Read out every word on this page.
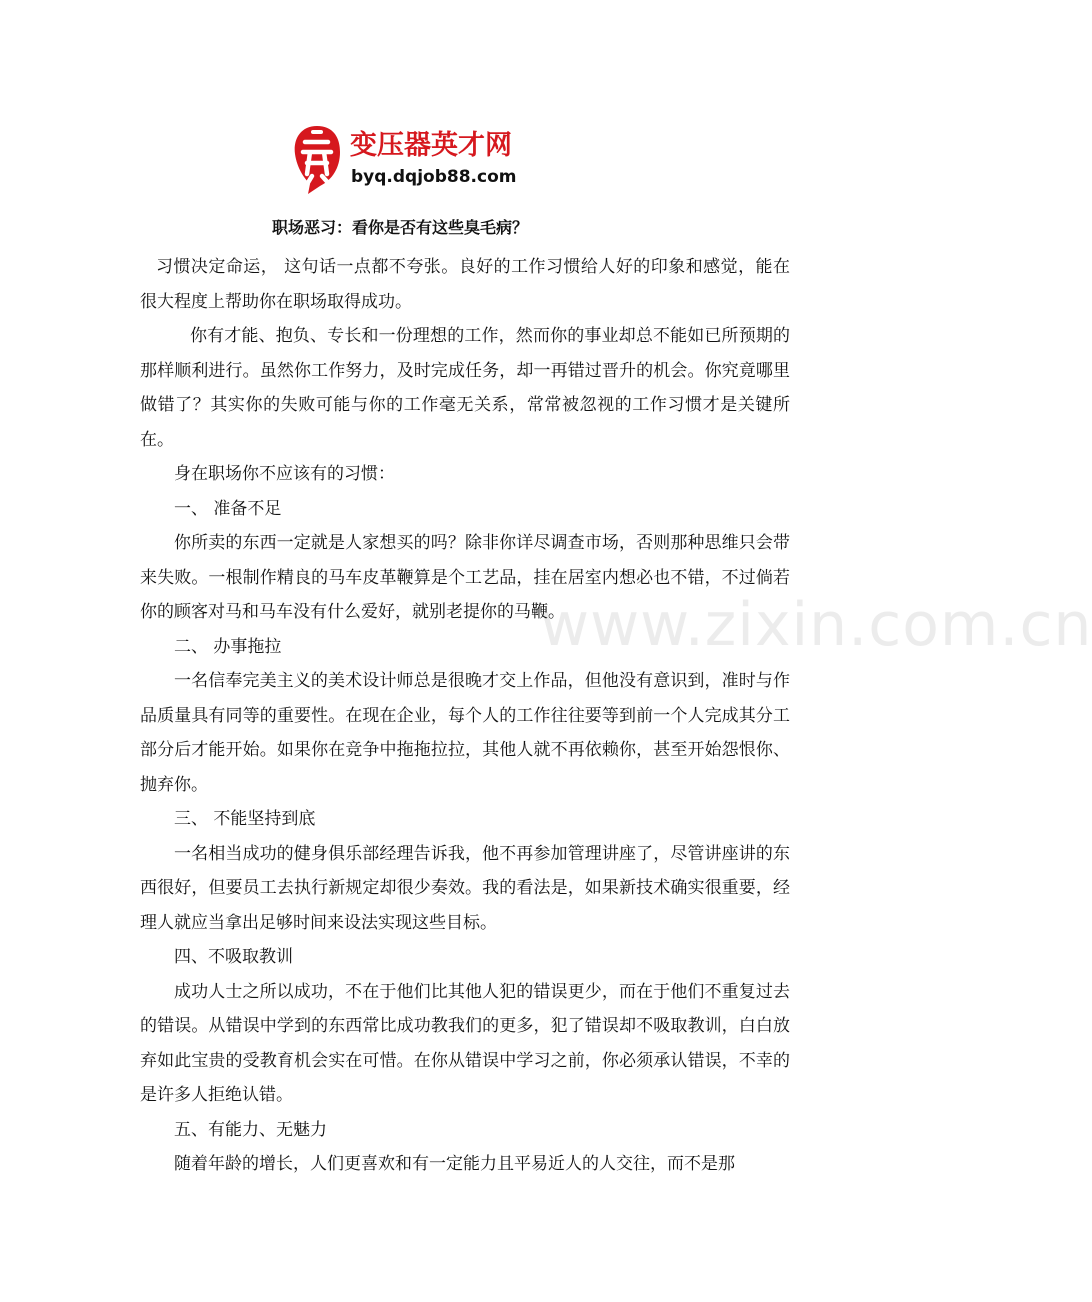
变压器英才网
byq.dqjob88.com
www.zixin.com.cn
职场恶习：看你是否有这些臭毛病？

习惯决定命运， 这句话一点都不夸张。良好的工作习惯给人好的印象和感觉，能在很大程度上帮助你在职场取得成功。

你有才能、抱负、专长和一份理想的工作，然而你的事业却总不能如已所预期的那样顺利进行。虽然你工作努力，及时完成任务，却一再错过晋升的机会。你究竟哪里做错了？其实你的失败可能与你的工作毫无关系，常常被忽视的工作习惯才是关键所在。

身在职场你不应该有的习惯：

一、 准备不足

你所卖的东西一定就是人家想买的吗？除非你详尽调查市场，否则那种思维只会带来失败。一根制作精良的马车皮革鞭算是个工艺品，挂在居室内想必也不错，不过倘若你的顾客对马和马车没有什么爱好，就别老提你的马鞭。

二、 办事拖拉

一名信奉完美主义的美术设计师总是很晚才交上作品，但他没有意识到，准时与作品质量具有同等的重要性。在现在企业，每个人的工作往往要等到前一个人完成其分工部分后才能开始。如果你在竞争中拖拖拉拉，其他人就不再依赖你，甚至开始怨恨你、抛弃你。

三、 不能坚持到底

一名相当成功的健身俱乐部经理告诉我，他不再参加管理讲座了，尽管讲座讲的东西很好，但要员工去执行新规定却很少奏效。我的看法是，如果新技术确实很重要，经理人就应当拿出足够时间来设法实现这些目标。

四、不吸取教训

成功人士之所以成功，不在于他们比其他人犯的错误更少，而在于他们不重复过去的错误。从错误中学到的东西常比成功教我们的更多，犯了错误却不吸取教训，白白放弃如此宝贵的受教育机会实在可惜。在你从错误中学习之前，你必须承认错误，不幸的是许多人拒绝认错。

五、有能力、无魅力

随着年龄的增长，人们更喜欢和有一定能力且平易近人的人交往，而不是那
